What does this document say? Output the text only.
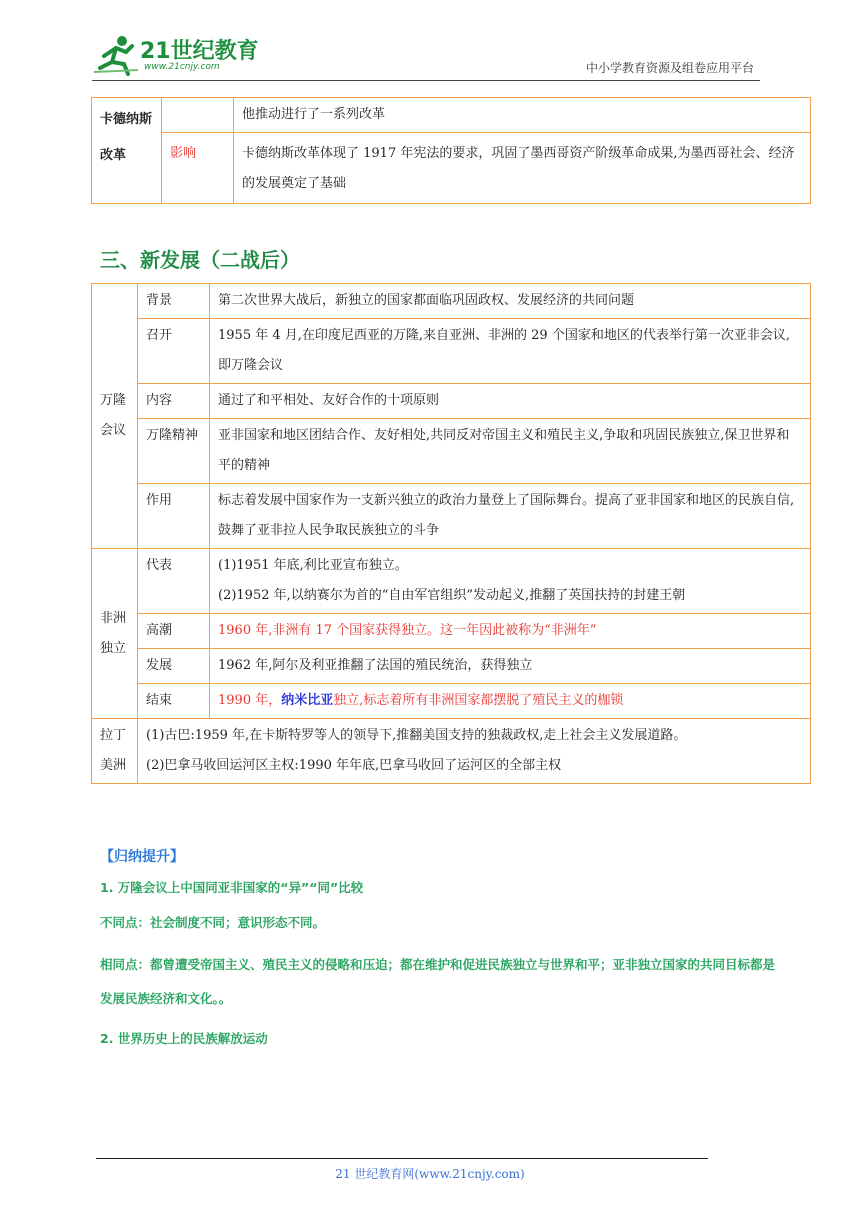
21世纪教育
www.21cnjy.com	中小学教育资源及组卷应用平台
卡德纳斯改革		他推动进行了一系列改革
	影响	卡德纳斯改革体现了 1917 年宪法的要求，巩固了墨西哥资产阶级革命成果,为墨西哥社会、经济的发展奠定了基础
三、新发展（二战后）
万隆会议	背景	第二次世界大战后，新独立的国家都面临巩固政权、发展经济的共同问题
	召开	1955 年 4 月,在印度尼西亚的万隆,来自亚洲、非洲的 29 个国家和地区的代表举行第一次亚非会议,即万隆会议
	内容	通过了和平相处、友好合作的十项原则
	万隆精神	亚非国家和地区团结合作、友好相处,共同反对帝国主义和殖民主义,争取和巩固民族独立,保卫世界和平的精神
	作用	标志着发展中国家作为一支新兴独立的政治力量登上了国际舞台。提高了亚非国家和地区的民族自信,鼓舞了亚非拉人民争取民族独立的斗争
非洲独立	代表	(1)1951 年底,利比亚宣布独立。
(2)1952 年,以纳赛尔为首的“自由军官组织”发动起义,推翻了英国扶持的封建王朝

	高潮	1960 年,非洲有 17 个国家获得独立。这一年因此被称为“非洲年”
	发展	1962 年,阿尔及利亚推翻了法国的殖民统治，获得独立
	结束	1990 年，纳米比亚独立,标志着所有非洲国家都摆脱了殖民主义的枷锁
拉丁美洲	(1)古巴:1959 年,在卡斯特罗等人的领导下,推翻美国支持的独裁政权,走上社会主义发展道路。
(2)巴拿马收回运河区主权:1990 年年底,巴拿马收回了运河区的全部主权	
【归纳提升】

1. 万隆会议上中国同亚非国家的“异”“同”比较

不同点：社会制度不同；意识形态不同。

相同点：都曾遭受帝国主义、殖民主义的侵略和压迫；都在维护和促进民族独立与世界和平；亚非独立国家的共同目标都是发展民族经济和文化。。

2. 世界历史上的民族解放运动

21 世纪教育网(www.21cnjy.com)
